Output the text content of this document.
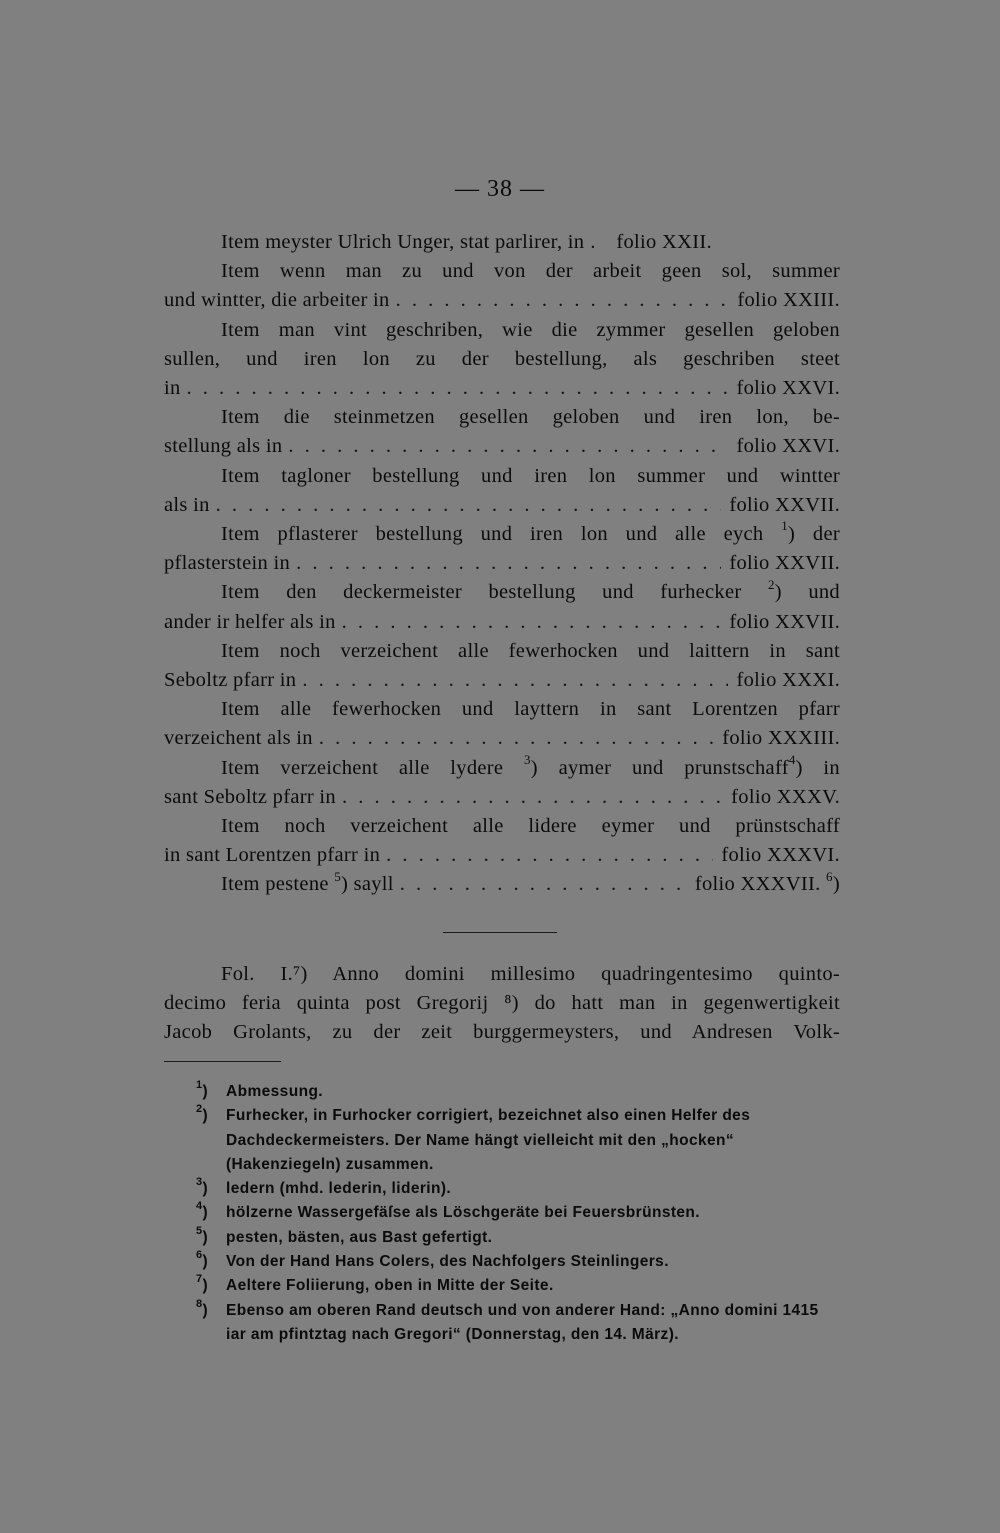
— 38 —
Item meyster Ulrich Unger, stat parlirer, in . . .	folio XXII.
Item wenn man zu und von der arbeit geen sol, summer
und wintter, die arbeiter in . . .	folio XXIII.
Item man vint geschriben, wie die zymmer gesellen geloben
sullen, und iren lon zu der bestellung, als geschriben steet
in . . .	folio XXVI.
Item die steinmetzen gesellen geloben und iren lon, be-
stellung als in . . .	folio XXVI.
Item tagloner bestellung und iren lon summer und wintter
als in . . .	folio XXVII.
Item pflasterer bestellung und iren lon und alle eych $^1$) der
pflasterstein in . . .	folio XXVII.
Item den deckermeister bestellung und furhecker $^2$) und
ander ir helfer als in . . .	folio XXVII.
Item noch verzeichent alle fewerhocken und laittern in sant
Seboltz pfarr in . . .	folio XXXI.
Item alle fewerhocken und layttern in sant Lorentzen pfarr
verzeichent als in . . .	folio XXXIII.
Item verzeichent alle lydere $^3$) aymer und prunstschaff$^4$) in
sant Seboltz pfarr in . . .	folio XXXV.
Item noch verzeichent alle lidere eymer und prünstschaff
in sant Lorentzen pfarr in . . .	folio XXXVI.
Item pestene $^5$) sayll . . .	folio XXXVII. $^6$)
Fol. I.⁷) Anno domini millesimo quadringentesimo quinto-
decimo feria quinta post Gregorij ⁸) do hatt man in gegenwertigkeit
Jacob Grolants, zu der zeit burggermeysters, und Andresen Volk-
$^1$)	Abmessung.
$^2$)	Furhecker, in Furhocker corrigiert, bezeichnet also einen Helfer des Dachdeckermeisters. Der Name hängt vielleicht mit den „hocken“ (Hakenziegeln) zusammen.
$^3$)	ledern (mhd. lederin, liderin).
$^4$)	hölzerne Wassergefäſse als Löschgeräte bei Feuersbrünsten.
$^5$)	pesten, bästen, aus Bast gefertigt.
$^6$)	Von der Hand Hans Colers, des Nachfolgers Steinlingers.
$^7$)	Aeltere Foliierung, oben in Mitte der Seite.
$^8$)	Ebenso am oberen Rand deutsch und von anderer Hand: „Anno domini 1415 iar am pfintztag nach Gregori“ (Donnerstag, den 14. März).
